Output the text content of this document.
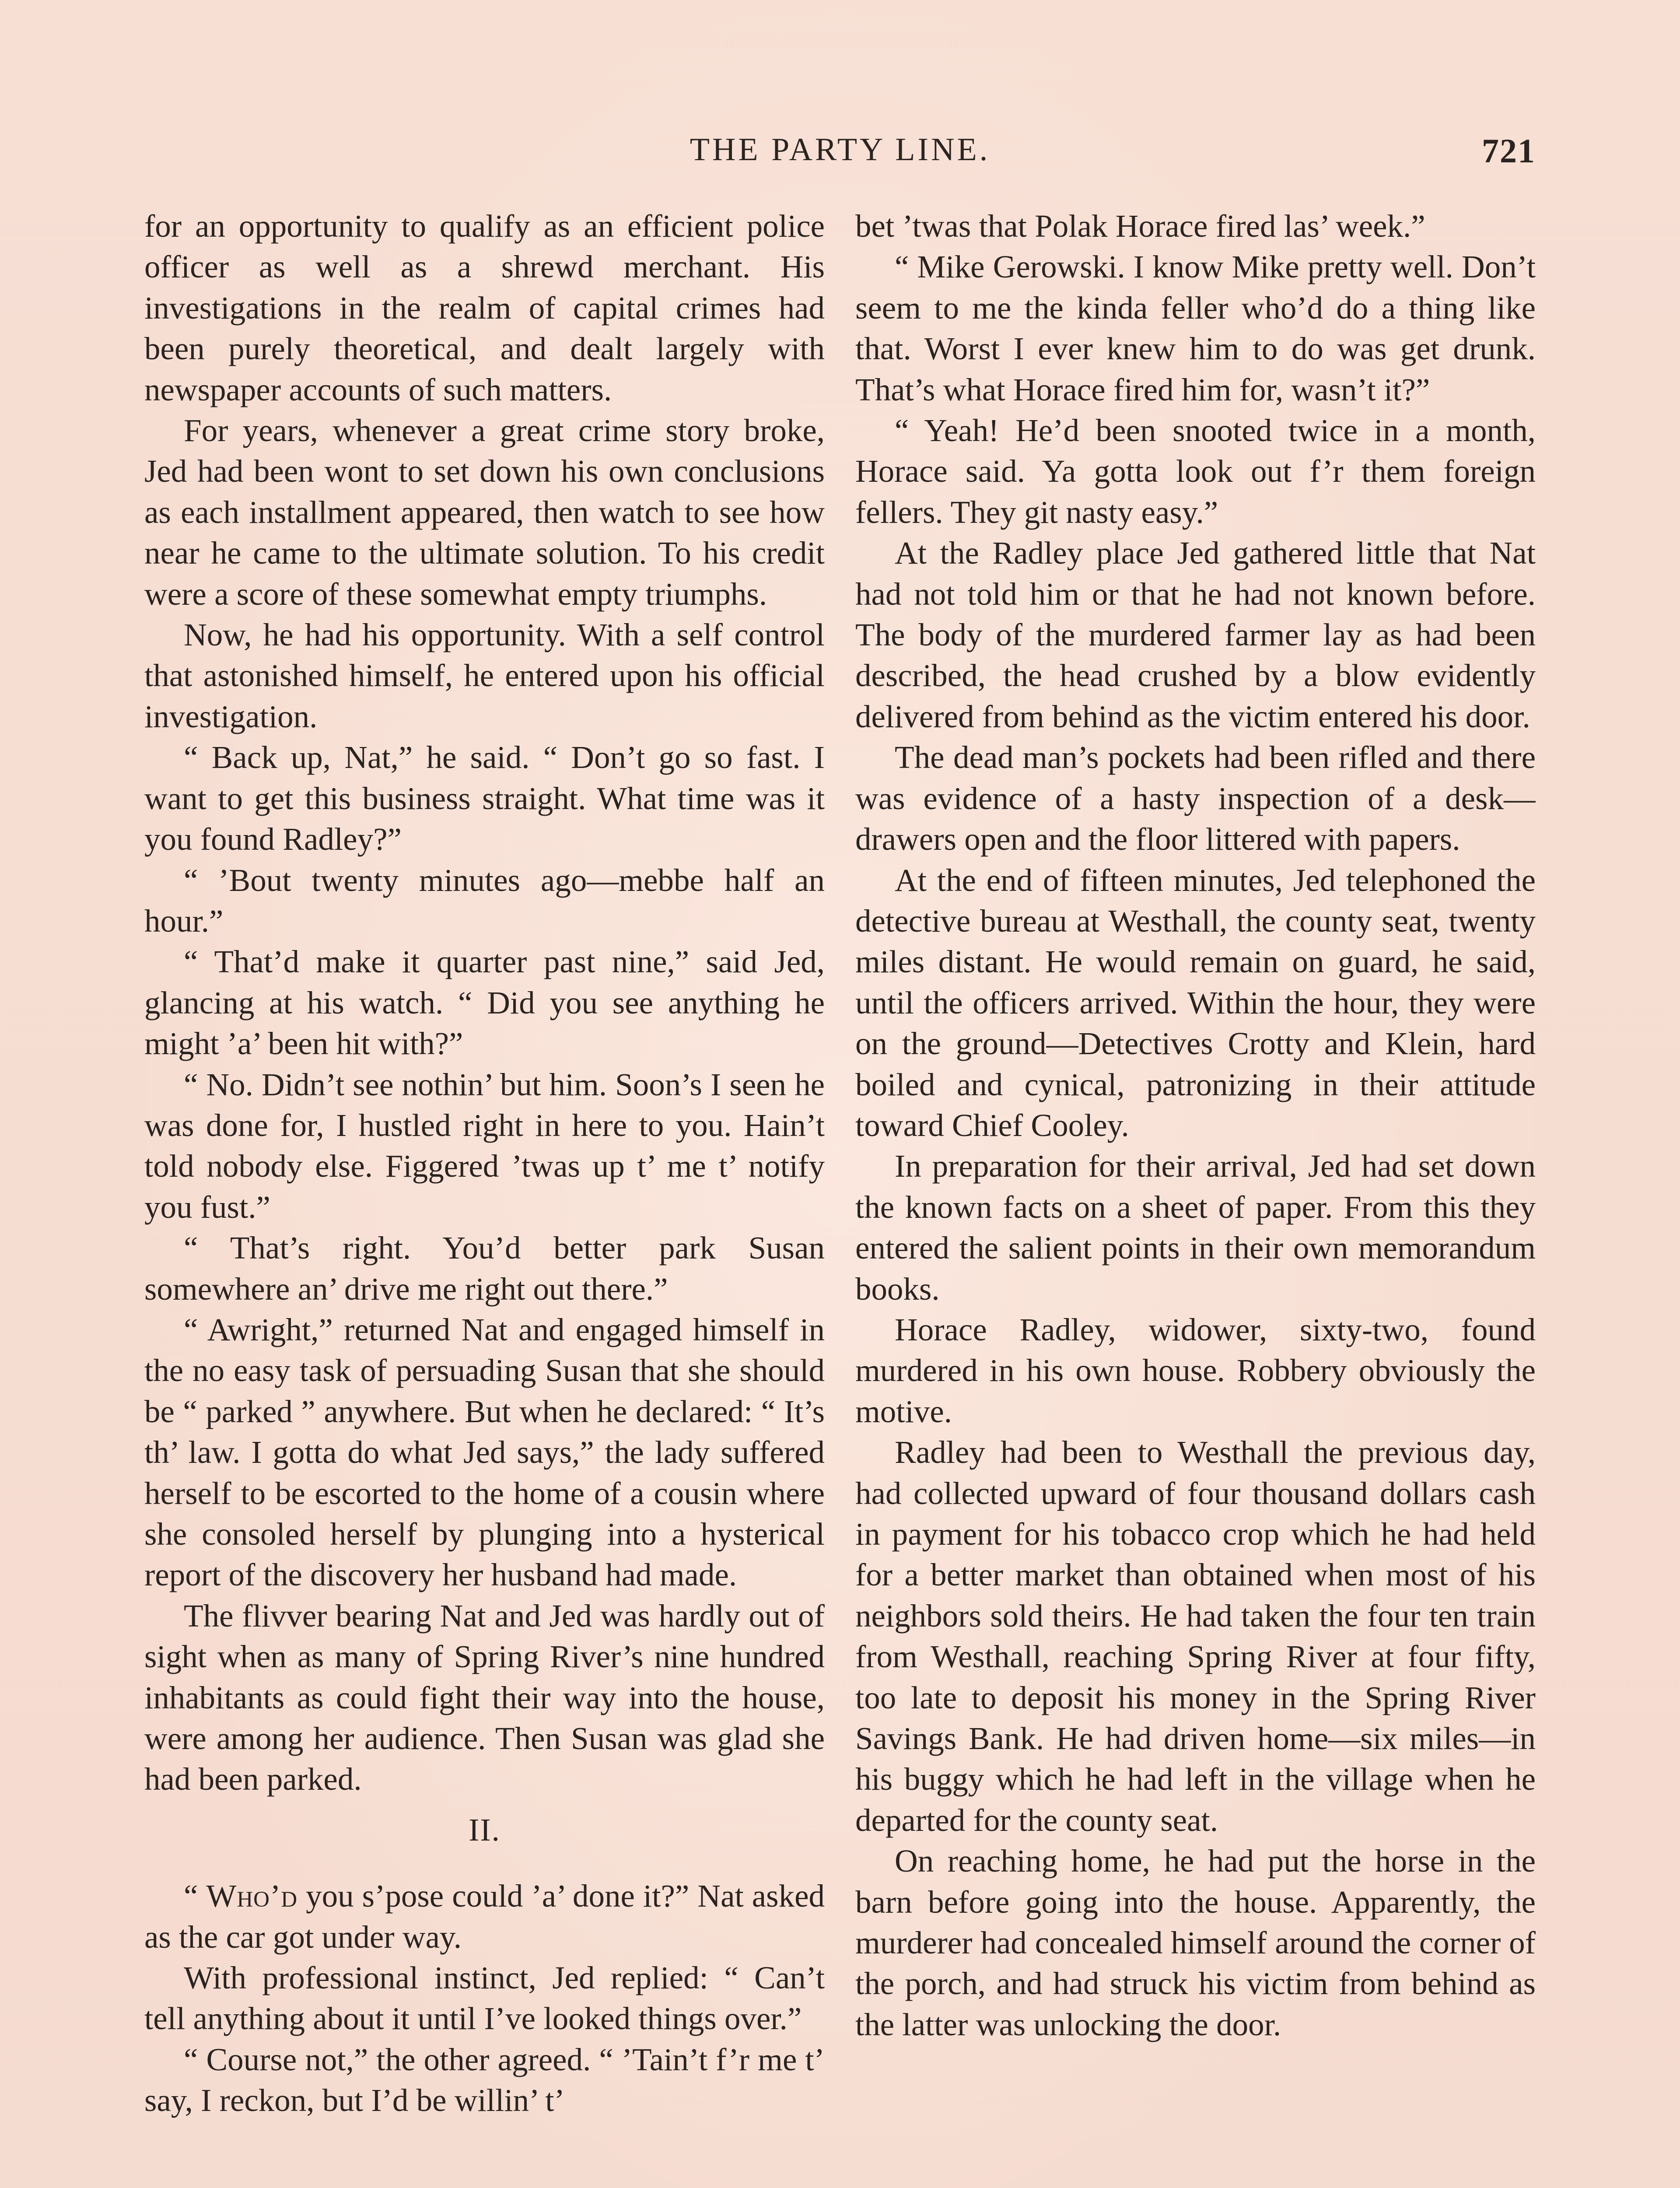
THE PARTY LINE.	721

for an opportunity to qualify as an efficient police officer as well as a shrewd merchant. His investigations in the realm of capital crimes had been purely theoretical, and dealt largely with newspaper accounts of such matters.

For years, whenever a great crime story broke, Jed had been wont to set down his own conclusions as each installment appeared, then watch to see how near he came to the ultimate solution. To his credit were a score of these somewhat empty triumphs.

Now, he had his opportunity. With a self control that astonished himself, he entered upon his official investigation.

“ Back up, Nat,” he said. “ Don’t go so fast. I want to get this business straight. What time was it you found Radley?”

“ ’Bout twenty minutes ago—mebbe half an hour.”

“ That’d make it quarter past nine,” said Jed, glancing at his watch. “ Did you see anything he might ’a’ been hit with?”

“ No. Didn’t see nothin’ but him. Soon’s I seen he was done for, I hustled right in here to you. Hain’t told nobody else. Figgered ’twas up t’ me t’ notify you fust.”

“ That’s right. You’d better park Susan somewhere an’ drive me right out there.”

“ Awright,” returned Nat and engaged himself in the no easy task of persuading Susan that she should be “ parked ” anywhere. But when he declared: “ It’s th’ law. I gotta do what Jed says,” the lady suffered herself to be escorted to the home of a cousin where she consoled herself by plunging into a hysterical report of the discovery her husband had made.

The flivver bearing Nat and Jed was hardly out of sight when as many of Spring River’s nine hundred inhabitants as could fight their way into the house, were among her audience. Then Susan was glad she had been parked.

II.

“ Who’d you s’pose could ’a’ done it?” Nat asked as the car got under way.

With professional instinct, Jed replied: “ Can’t tell anything about it until I’ve looked things over.”

“ Course not,” the other agreed. “ ’Tain’t f’r me t’ say, I reckon, but I’d be willin’ t’

bet ’twas that Polak Horace fired las’ week.”

“ Mike Gerowski. I know Mike pretty well. Don’t seem to me the kinda feller who’d do a thing like that. Worst I ever knew him to do was get drunk. That’s what Horace fired him for, wasn’t it?”

“ Yeah! He’d been snooted twice in a month, Horace said. Ya gotta look out f’r them foreign fellers. They git nasty easy.”

At the Radley place Jed gathered little that Nat had not told him or that he had not known before. The body of the murdered farmer lay as had been described, the head crushed by a blow evidently delivered from behind as the victim entered his door.

The dead man’s pockets had been rifled and there was evidence of a hasty inspection of a desk—drawers open and the floor littered with papers.

At the end of fifteen minutes, Jed telephoned the detective bureau at Westhall, the county seat, twenty miles distant. He would remain on guard, he said, until the officers arrived. Within the hour, they were on the ground—Detectives Crotty and Klein, hard boiled and cynical, patronizing in their attitude toward Chief Cooley.

In preparation for their arrival, Jed had set down the known facts on a sheet of paper. From this they entered the salient points in their own memorandum books.

Horace Radley, widower, sixty-two, found murdered in his own house. Robbery obviously the motive.

Radley had been to Westhall the previous day, had collected upward of four thousand dollars cash in payment for his tobacco crop which he had held for a better market than obtained when most of his neighbors sold theirs. He had taken the four ten train from Westhall, reaching Spring River at four fifty, too late to deposit his money in the Spring River Savings Bank. He had driven home—six miles—in his buggy which he had left in the village when he departed for the county seat.

On reaching home, he had put the horse in the barn before going into the house. Apparently, the murderer had concealed himself around the corner of the porch, and had struck his victim from behind as the latter was unlocking the door.
